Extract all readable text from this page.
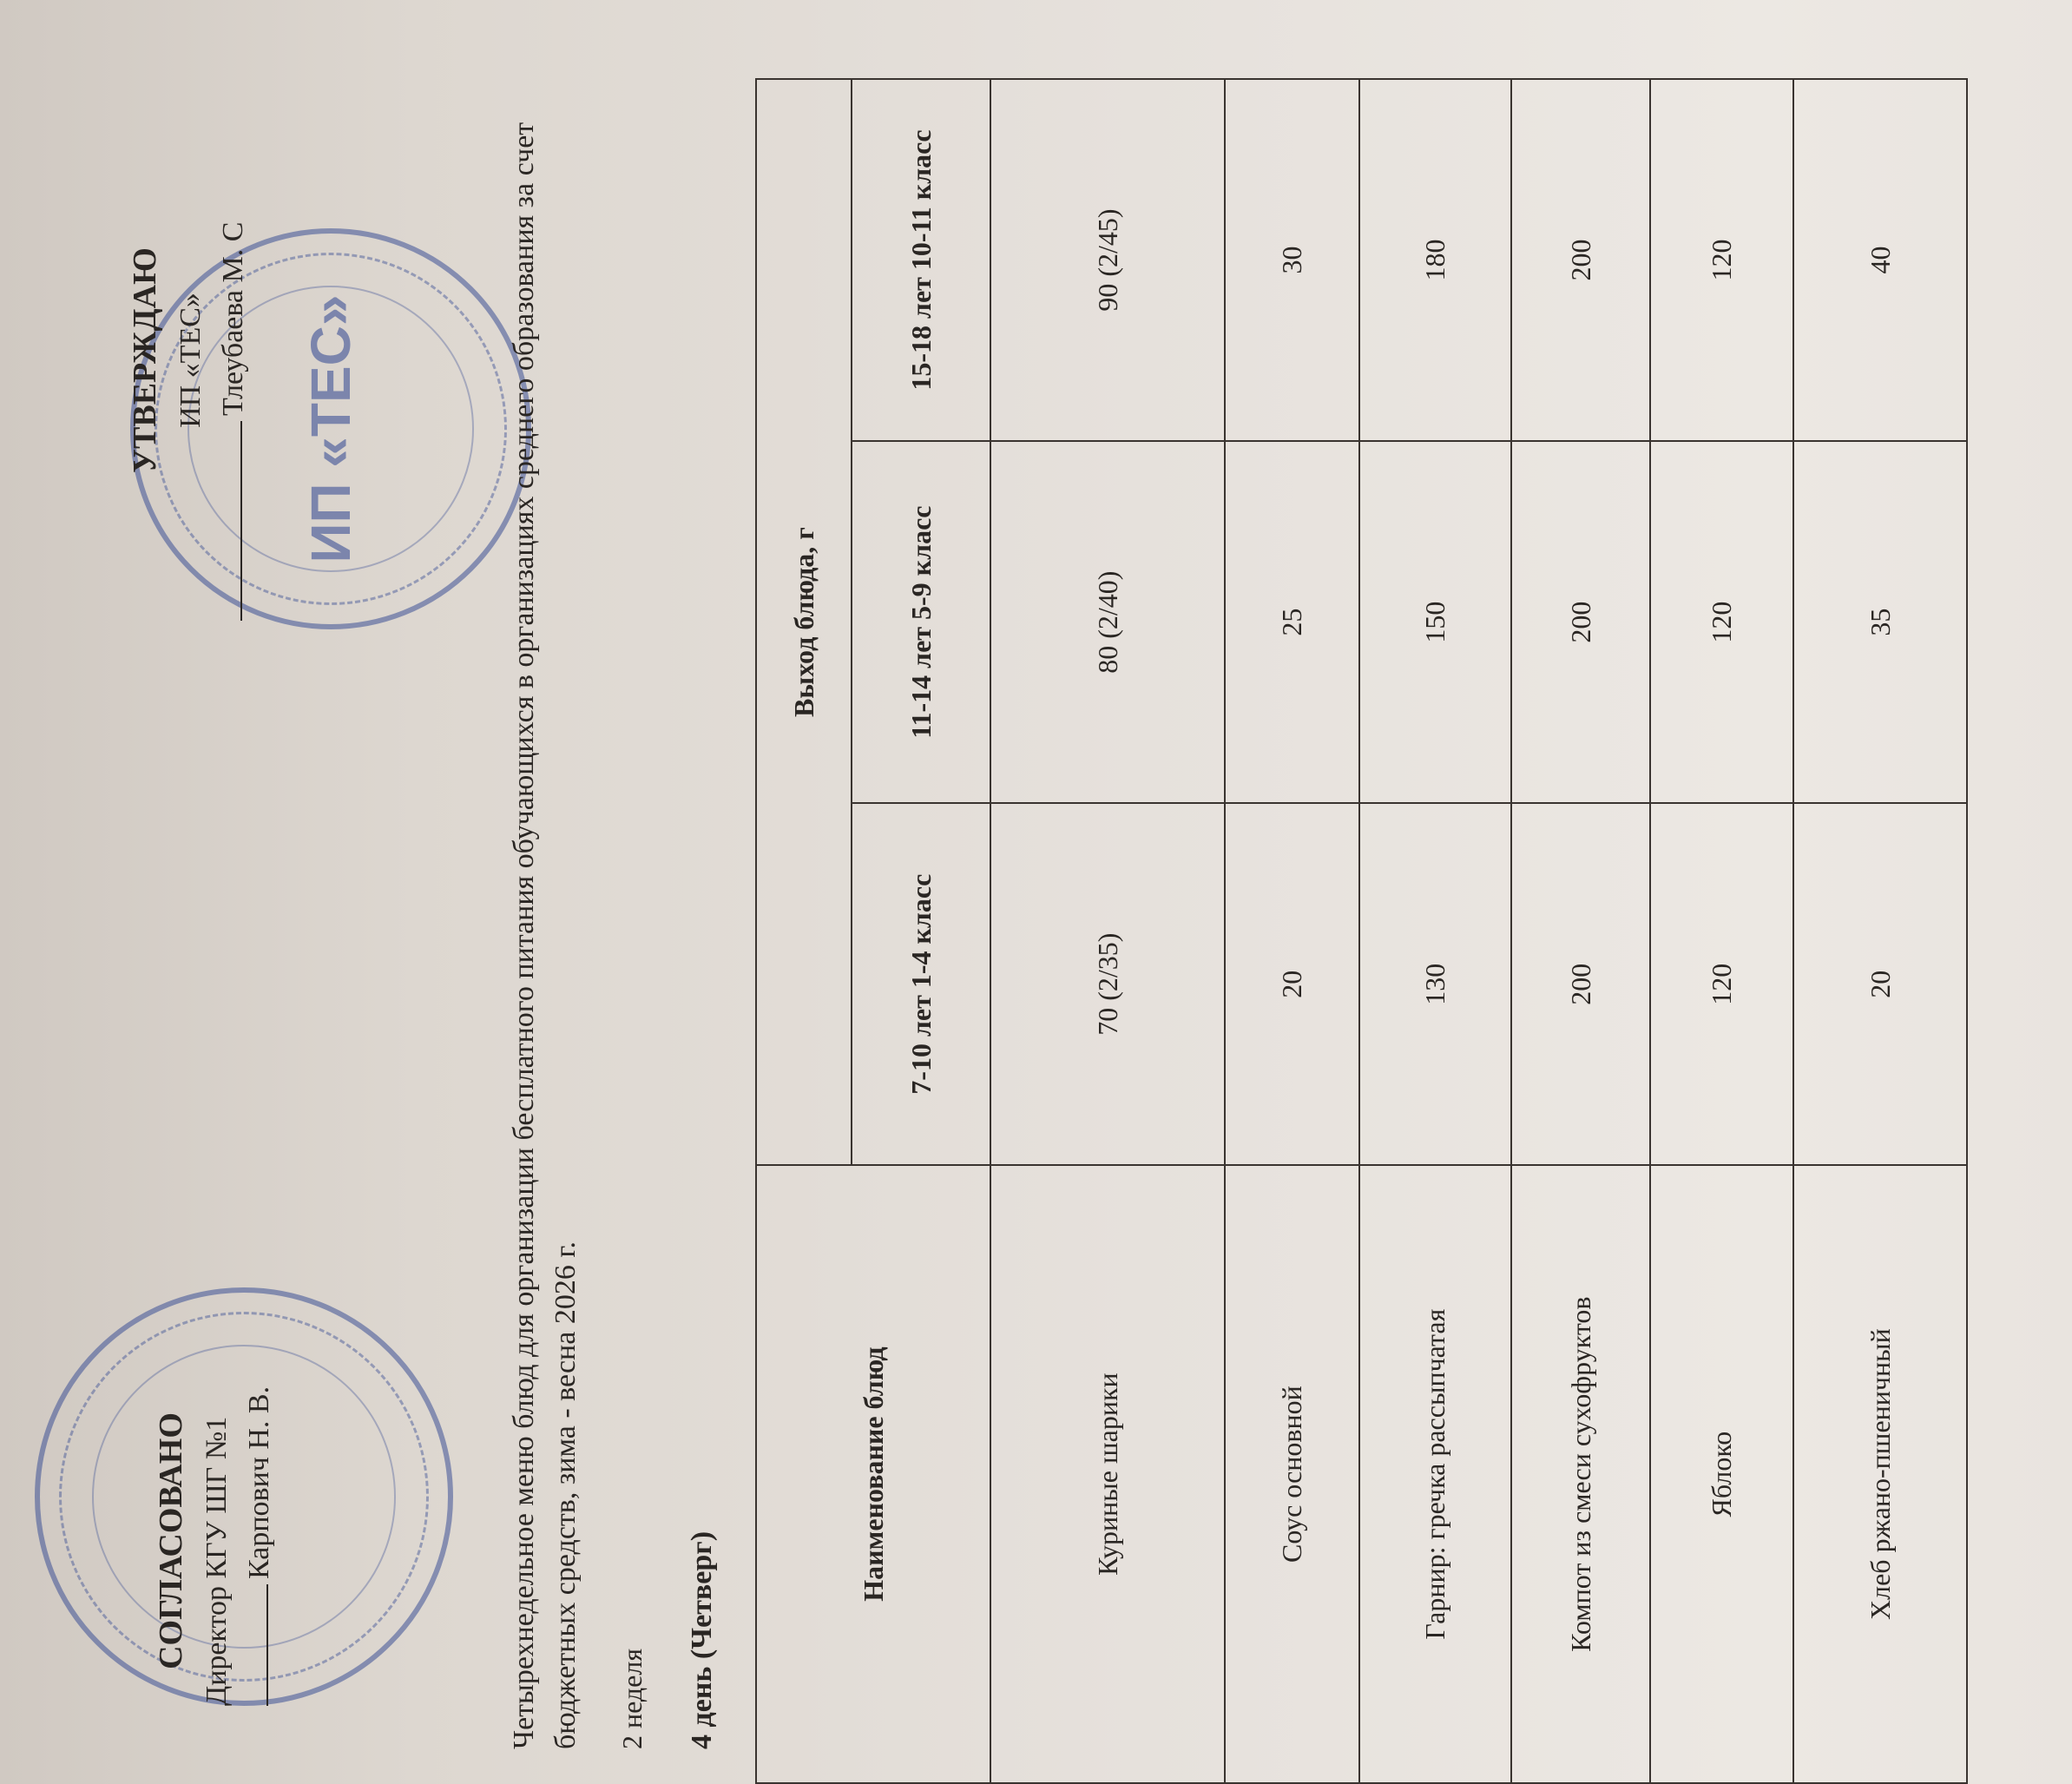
ИП «ТЕС»
СОГЛАСОВАНО Директор КГУ ШГ №1 Карпович Н. В.
УТВЕРЖДАЮ ИП «ТЕС» Тлеубаева М. С	Четырехнедельное меню блюд для организации бесплатного питания обучающихся в организациях среднего образования за счет бюджетных средств, зима - весна 2026 г. 2 неделя 4 день (Четверг)
Наименование блюд	Выход блюда, г		
	7-10 лет 1-4 класс	11-14 лет 5-9 класс	15-18 лет 10-11 класс
Куриные шарики	70 (2/35)	80 (2/40)	90 (2/45)
Соус основной	20	25	30
Гарнир: гречка рассыпчатая	130	150	180
Компот из смеси сухофруктов	200	200	200
Яблоко	120	120	120
Хлеб ржано-пшеничный	20	35	40
